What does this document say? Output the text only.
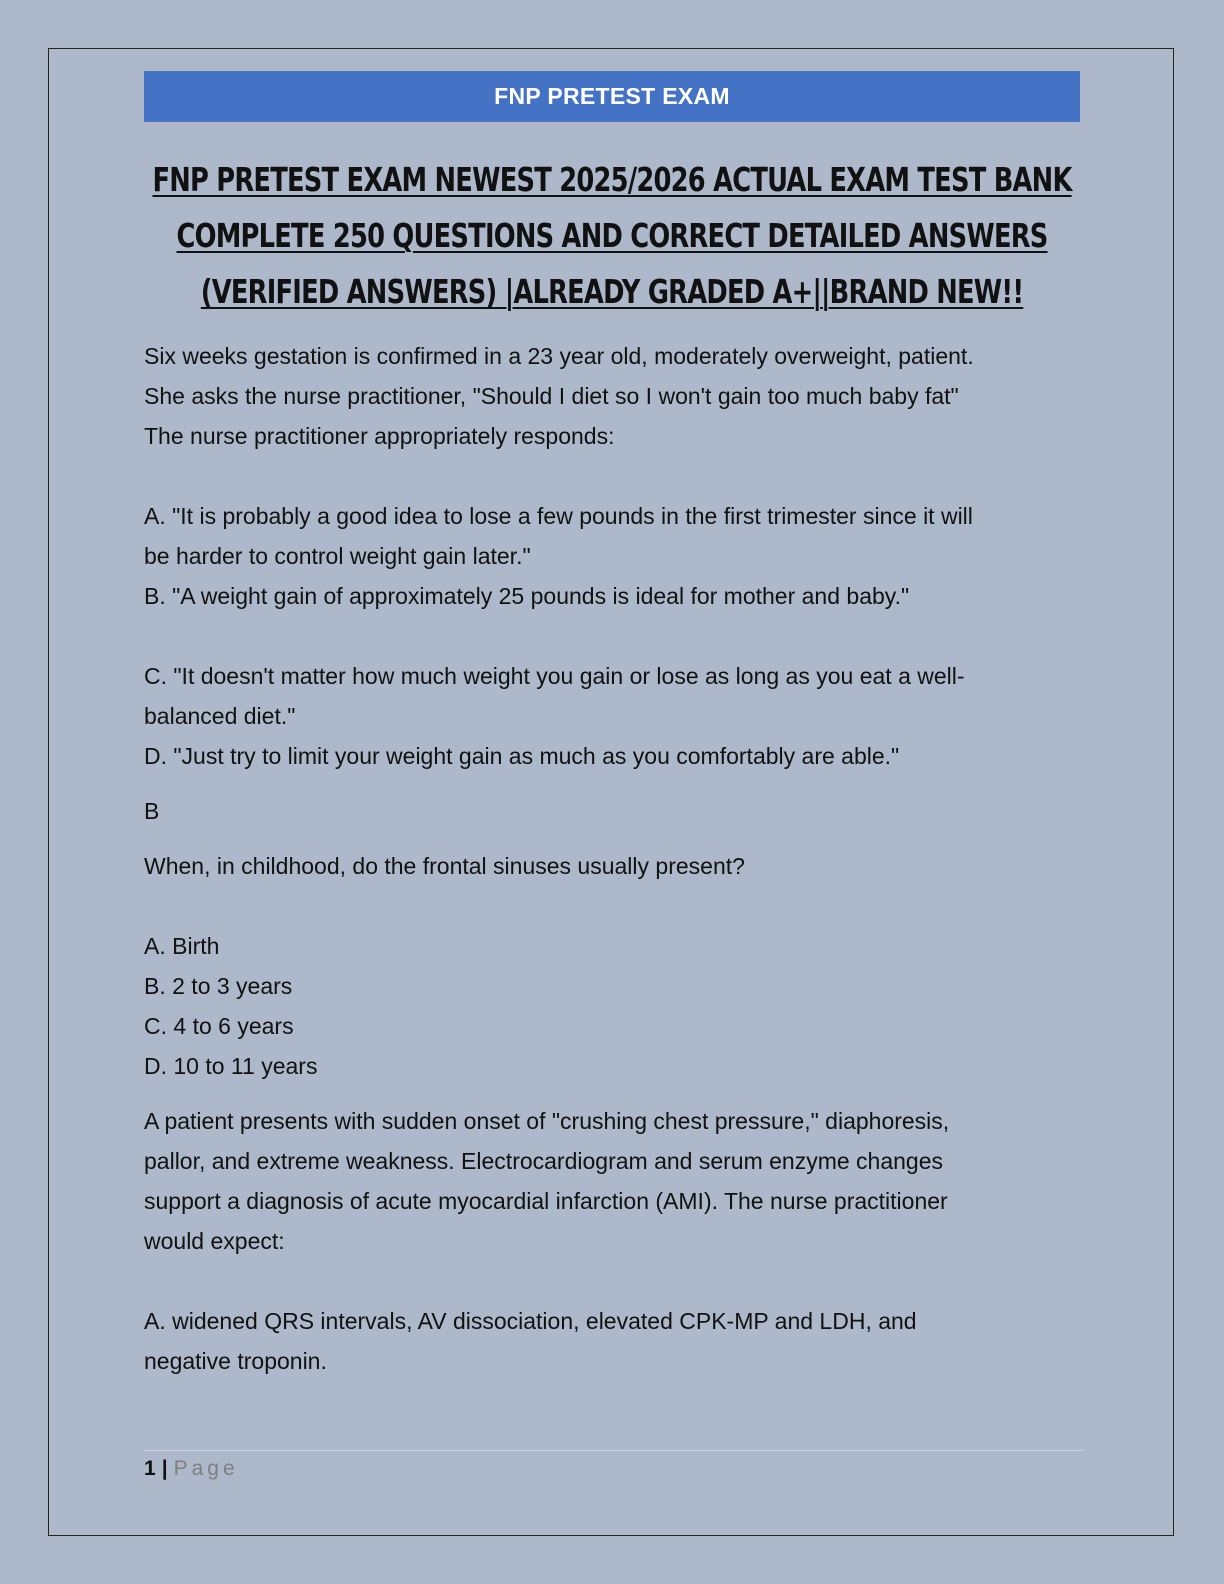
FNP PRETEST EXAM
FNP PRETEST EXAM NEWEST 2025/2026 ACTUAL EXAM TEST BANK
COMPLETE 250 QUESTIONS AND CORRECT DETAILED ANSWERS
(VERIFIED ANSWERS) |ALREADY GRADED A+||BRAND NEW!!

Six weeks gestation is confirmed in a 23 year old, moderately overweight, patient.

She asks the nurse practitioner, "Should I diet so I won't gain too much baby fat"

The nurse practitioner appropriately responds:

A. "It is probably a good idea to lose a few pounds in the first trimester since it will

be harder to control weight gain later."

B. "A weight gain of approximately 25 pounds is ideal for mother and baby."

C. "It doesn't matter how much weight you gain or lose as long as you eat a well-

balanced diet."

D. "Just try to limit your weight gain as much as you comfortably are able."

B

When, in childhood, do the frontal sinuses usually present?

A. Birth

B. 2 to 3 years

C. 4 to 6 years

D. 10 to 11 years

A patient presents with sudden onset of "crushing chest pressure," diaphoresis,

pallor, and extreme weakness. Electrocardiogram and serum enzyme changes

support a diagnosis of acute myocardial infarction (AMI). The nurse practitioner

would expect:

A. widened QRS intervals, AV dissociation, elevated CPK-MP and LDH, and

negative troponin.

1 | Page
